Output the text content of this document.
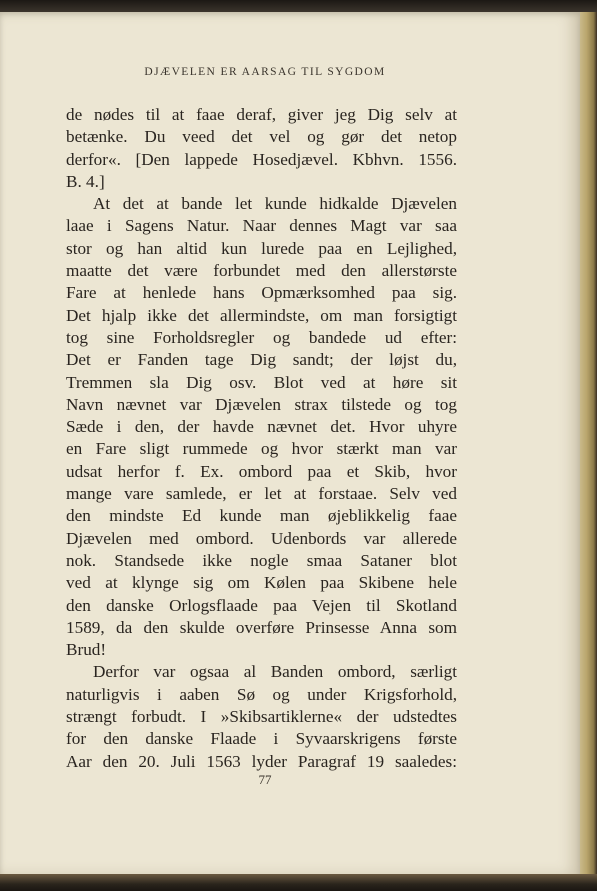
DJÆVELEN ER AARSAG TIL SYGDOM
de nødes til at faae deraf, giver jeg Dig selv at
betænke. Du veed det vel og gør det netop
derfor«. [Den lappede Hosedjævel. Kbhvn. 1556.
B. 4.]
At det at bande let kunde hidkalde Djævelen
laae i Sagens Natur. Naar dennes Magt var saa
stor og han altid kun lurede paa en Lejlighed,
maatte det være forbundet med den allerstørste
Fare at henlede hans Opmærksomhed paa sig.
Det hjalp ikke det allermindste, om man forsigtigt
tog sine Forholdsregler og bandede ud efter:
Det er Fanden tage Dig sandt; der løjst du,
Tremmen sla Dig osv. Blot ved at høre sit
Navn nævnet var Djævelen strax tilstede og tog
Sæde i den, der havde nævnet det. Hvor uhyre
en Fare sligt rummede og hvor stærkt man var
udsat herfor f. Ex. ombord paa et Skib, hvor
mange vare samlede, er let at forstaae. Selv ved
den mindste Ed kunde man øjeblikkelig faae
Djævelen med ombord. Udenbords var allerede
nok. Standsede ikke nogle smaa Sataner blot
ved at klynge sig om Kølen paa Skibene hele
den danske Orlogsflaade paa Vejen til Skotland
1589, da den skulde overføre Prinsesse Anna som
Brud!
Derfor var ogsaa al Banden ombord, særligt
naturligvis i aaben Sø og under Krigsforhold,
strængt forbudt. I »Skibsartiklerne« der udstedtes
for den danske Flaade i Syvaarskrigens første
Aar den 20. Juli 1563 lyder Paragraf 19 saaledes:
77
